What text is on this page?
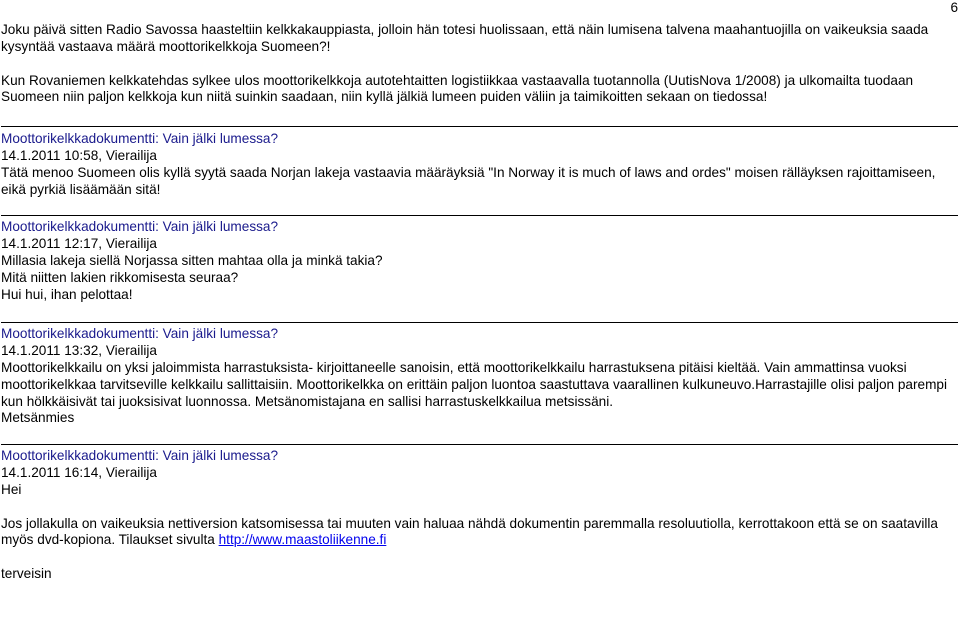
6

Joku päivä sitten Radio Savossa haasteltiin kelkkakauppiasta, jolloin hän totesi huolissaan, että näin lumisena talvena maahantuojilla on vaikeuksia saada kysyntää vastaava määrä moottorikelkkoja Suomeen?!

Kun Rovaniemen kelkkatehdas sylkee ulos moottorikelkkoja autotehtaitten logistiikkaa vastaavalla tuotannolla (UutisNova 1/2008) ja ulkomailta tuodaan Suomeen niin paljon kelkkoja kun niitä suinkin saadaan, niin kyllä jälkiä lumeen puiden väliin ja taimikoitten sekaan on tiedossa!

Moottorikelkkadokumentti: Vain jälki lumessa?

14.1.2011 10:58, Vierailija

Tätä menoo Suomeen olis kyllä syytä saada Norjan lakeja vastaavia määräyksiä "In Norway it is much of laws and ordes" moisen rälläyksen rajoittamiseen, eikä pyrkiä lisäämään sitä!

Moottorikelkkadokumentti: Vain jälki lumessa?

14.1.2011 12:17, Vierailija

Millasia lakeja siellä Norjassa sitten mahtaa olla ja minkä takia?

Mitä niitten lakien rikkomisesta seuraa?

Hui hui, ihan pelottaa!

Moottorikelkkadokumentti: Vain jälki lumessa?

14.1.2011 13:32, Vierailija

Moottorikelkkailu on yksi jaloimmista harrastuksista- kirjoittaneelle sanoisin, että moottorikelkkailu harrastuksena pitäisi kieltää. Vain ammattinsa vuoksi moottorikelkkaa tarvitseville kelkkailu sallittaisiin. Moottorikelkka on erittäin paljon luontoa saastuttava vaarallinen kulkuneuvo.Harrastajille olisi paljon parempi kun hölkkäisivät tai juoksisivat luonnossa. Metsänomistajana en sallisi harrastuskelkkailua metsissäni.

Metsänmies

Moottorikelkkadokumentti: Vain jälki lumessa?

14.1.2011 16:14, Vierailija

Hei

Jos jollakulla on vaikeuksia nettiversion katsomisessa tai muuten vain haluaa nähdä dokumentin paremmalla resoluutiolla, kerrottakoon että se on saatavilla myös dvd-kopiona. Tilaukset sivulta http://www.maastoliikenne.fi

terveisin
